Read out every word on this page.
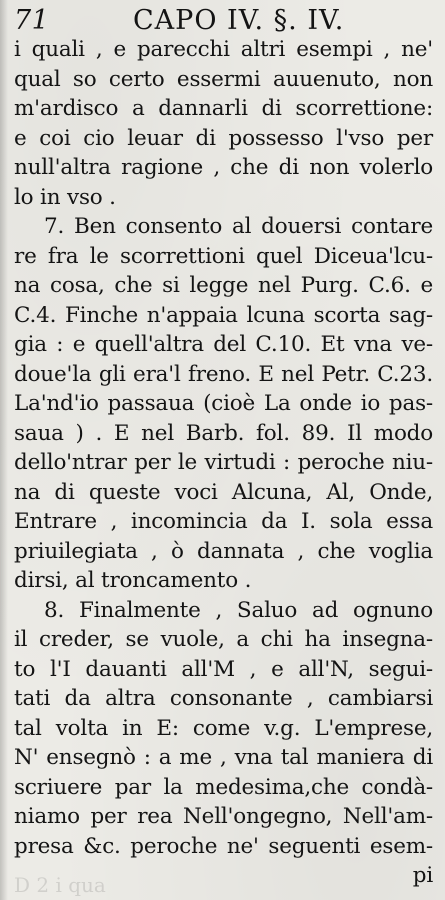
71	CAPO IV. §. IV.
i quali , e parecchi altri esempi , ne'
qual so certo essermi auuenuto, non
m'ardisco a dannarli di scorrettione:
e coi cio leuar di possesso l'vso per
null'altra ragione , che di non volerlo
lo in vso .
7. Ben consento al douersi contare
re fra le scorrettioni quel Diceua'lcu-
na cosa, che si legge nel Purg. C.6. e
C.4. Finche n'appaia lcuna scorta sag-
gia : e quell'altra del C.10. Et vna ve-
doue'la gli era'l freno. E nel Petr. C.23.
La'nd'io passaua (cioè La onde io pas-
saua ) . E nel Barb. fol. 89. Il modo
dello'ntrar per le virtudi : peroche niu-
na di queste voci Alcuna, Al, Onde,
Entrare , incomincia da I. sola essa
priuilegiata , ò dannata , che voglia
dirsi, al troncamento .
8. Finalmente , Saluo ad ognuno
il creder, se vuole, a chi ha insegna-
to l'I dauanti all'M , e all'N, segui-
tati da altra consonante , cambiarsi
tal volta in E: come v.g. L'emprese,
N' ensegnò : a me , vna tal maniera di
scriuere par la medesima,che condà-
niamo per rea Nell'ongegno, Nell'am-
presa &c. peroche ne' seguenti esem-
pi
D 2 i qua
